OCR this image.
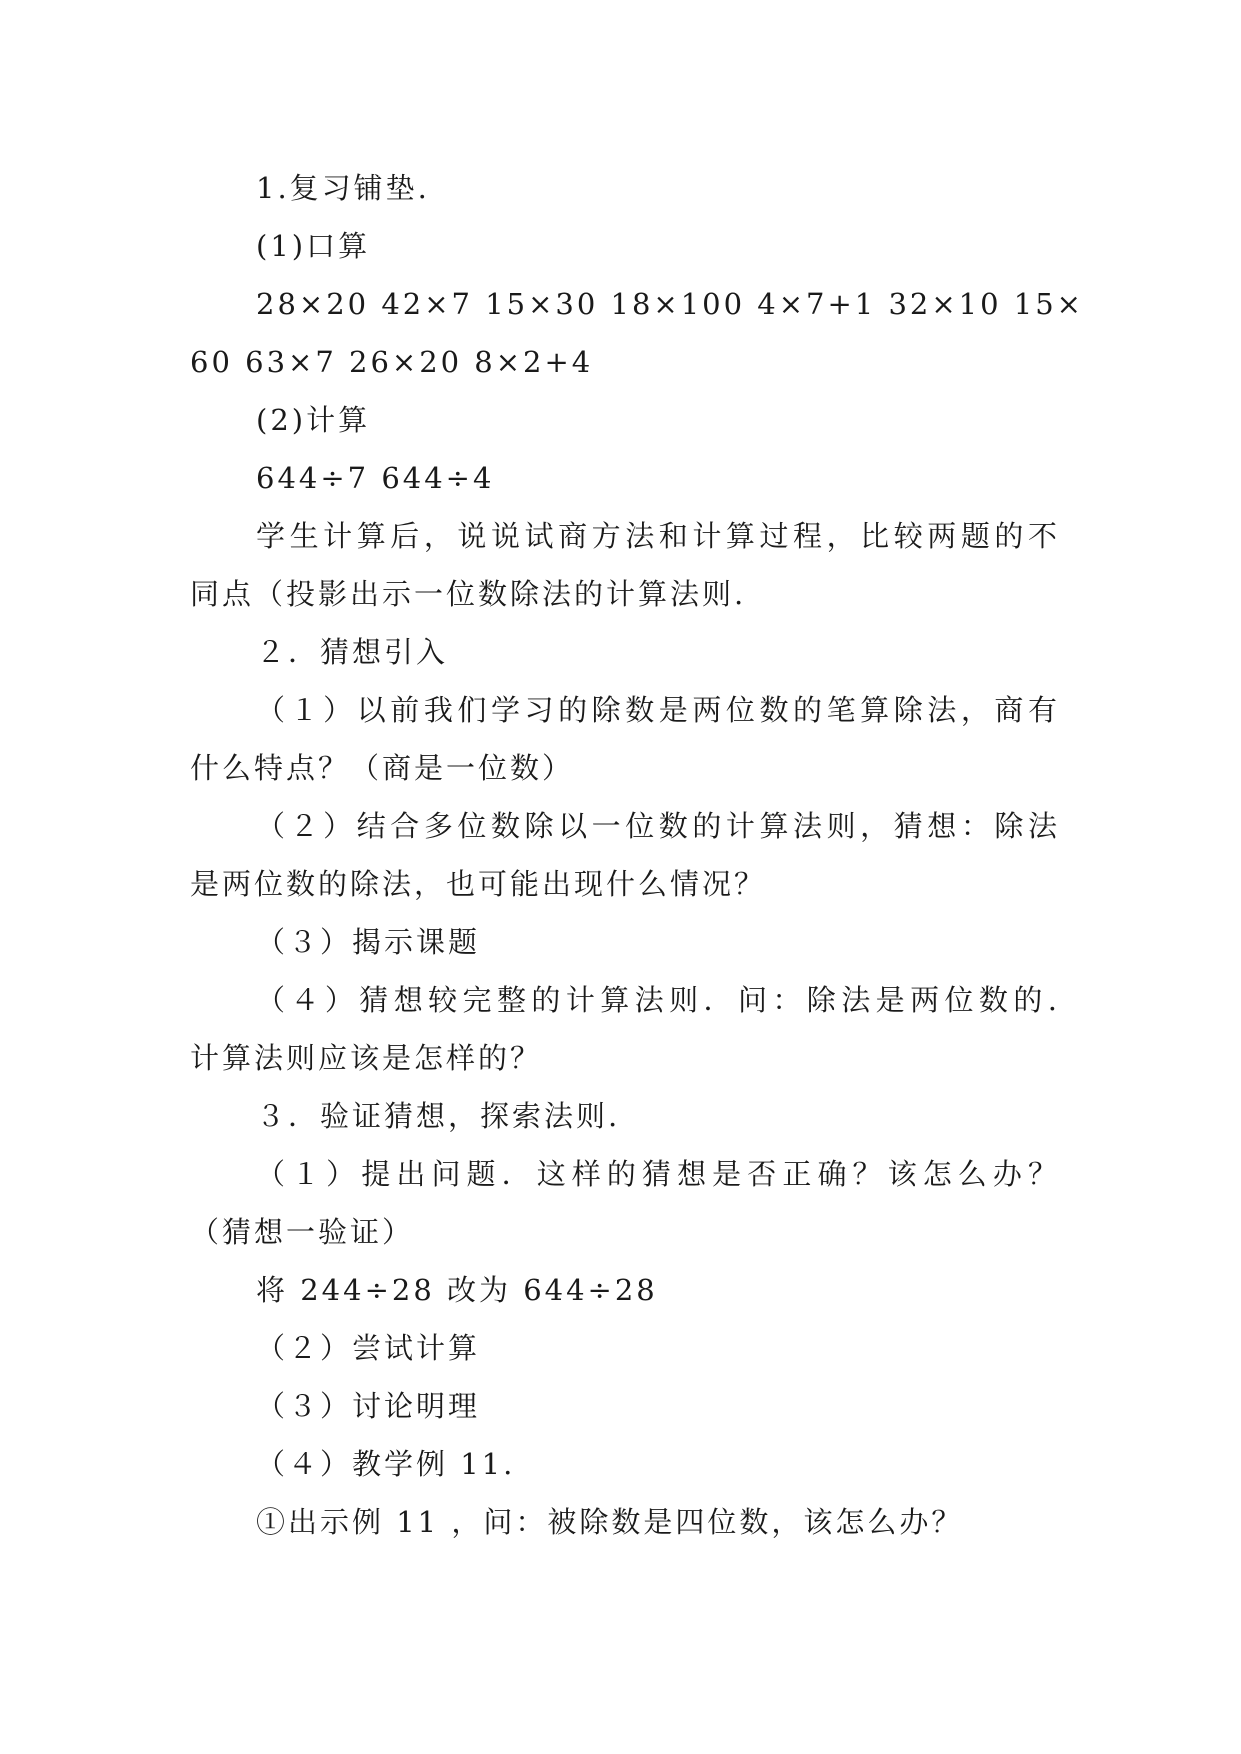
1.复习铺垫.
(1)口算
28×20 42×7 15×30 18×100 4×7+1 32×10 15×
60 63×7 26×20 8×2+4
(2)计算
644÷7 644÷4
学生计算后，说说试商方法和计算过程，比较两题的不
同点（投影出示一位数除法的计算法则.
２．猜想引入
（１）以前我们学习的除数是两位数的笔算除法，商有
什么特点？（商是一位数）
（２）结合多位数除以一位数的计算法则，猜想：除法
是两位数的除法，也可能出现什么情况？
（３）揭示课题
（４）猜想较完整的计算法则．问：除法是两位数的.
计算法则应该是怎样的？
３．验证猜想，探索法则.
（１）提出问题．这样的猜想是否正确？该怎么办？
（猜想一验证）
将 244÷28 改为 644÷28
（２）尝试计算
（３）讨论明理
（４）教学例 11.
①出示例 11 ，问：被除数是四位数，该怎么办？
